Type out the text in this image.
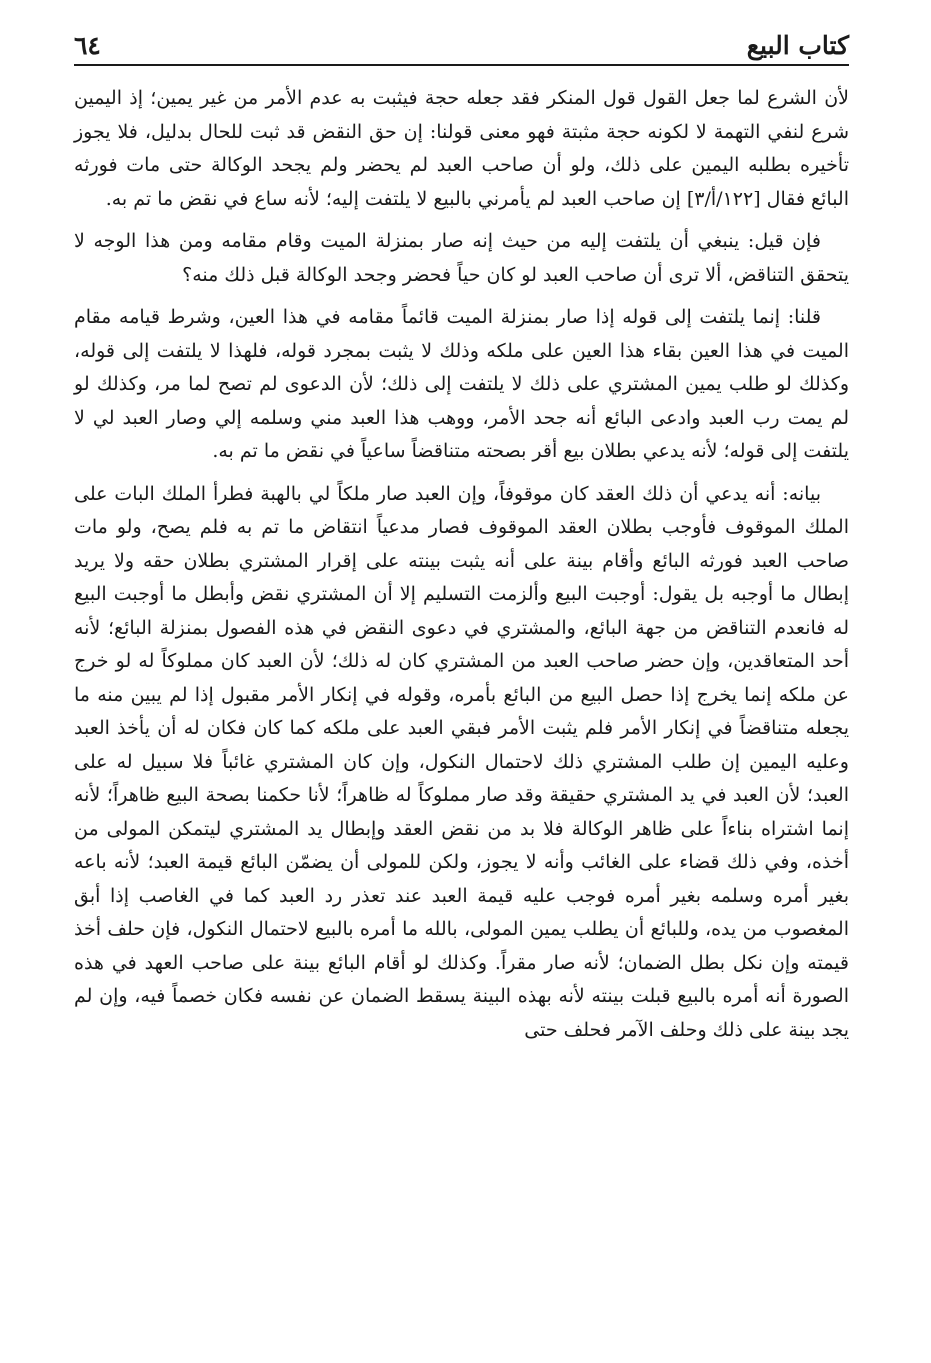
كتاب البيع
٦٤

لأن الشرع لما جعل القول قول المنكر فقد جعله حجة فيثبت به عدم الأمر من غير يمين؛ إذ اليمين شرع لنفي التهمة لا لكونه حجة مثبتة فهو معنى قولنا: إن حق النقض قد ثبت للحال بدليل، فلا يجوز تأخيره بطلبه اليمين على ذلك، ولو أن صاحب العبد لم يحضر ولم يجحد الوكالة حتى مات فورثه البائع فقال [١٢٢/أ/٣] إن صاحب العبد لم يأمرني بالبيع لا يلتفت إليه؛ لأنه ساع في نقض ما تم به.

فإن قيل: ينبغي أن يلتفت إليه من حيث إنه صار بمنزلة الميت وقام مقامه ومن هذا الوجه لا يتحقق التناقض، ألا ترى أن صاحب العبد لو كان حياً فحضر وجحد الوكالة قبل ذلك منه؟

قلنا: إنما يلتفت إلى قوله إذا صار بمنزلة الميت قائماً مقامه في هذا العين، وشرط قيامه مقام الميت في هذا العين بقاء هذا العين على ملكه وذلك لا يثبت بمجرد قوله، فلهذا لا يلتفت إلى قوله، وكذلك لو طلب يمين المشتري على ذلك لا يلتفت إلى ذلك؛ لأن الدعوى لم تصح لما مر، وكذلك لو لم يمت رب العبد وادعى البائع أنه جحد الأمر، ووهب هذا العبد مني وسلمه إلي وصار العبد لي لا يلتفت إلى قوله؛ لأنه يدعي بطلان بيع أقر بصحته متناقضاً ساعياً في نقض ما تم به.

بيانه: أنه يدعي أن ذلك العقد كان موقوفاً، وإن العبد صار ملكاً لي بالهبة فطرأ الملك البات على الملك الموقوف فأوجب بطلان العقد الموقوف فصار مدعياً انتقاض ما تم به فلم يصح، ولو مات صاحب العبد فورثه البائع وأقام بينة على أنه يثبت بينته على إقرار المشتري بطلان حقه ولا يريد إبطال ما أوجبه بل يقول: أوجبت البيع وألزمت التسليم إلا أن المشتري نقض وأبطل ما أوجبت البيع له فانعدم التناقض من جهة البائع، والمشتري في دعوى النقض في هذه الفصول بمنزلة البائع؛ لأنه أحد المتعاقدين، وإن حضر صاحب العبد من المشتري كان له ذلك؛ لأن العبد كان مملوكاً له لو خرج عن ملكه إنما يخرج إذا حصل البيع من البائع بأمره، وقوله في إنكار الأمر مقبول إذا لم يبين منه ما يجعله متناقضاً في إنكار الأمر فلم يثبت الأمر فبقي العبد على ملكه كما كان فكان له أن يأخذ العبد وعليه اليمين إن طلب المشتري ذلك لاحتمال النكول، وإن كان المشتري غائباً فلا سبيل له على العبد؛ لأن العبد في يد المشتري حقيقة وقد صار مملوكاً له ظاهراً؛ لأنا حكمنا بصحة البيع ظاهراً؛ لأنه إنما اشتراه بناءاً على ظاهر الوكالة فلا بد من نقض العقد وإبطال يد المشتري ليتمكن المولى من أخذه، وفي ذلك قضاء على الغائب وأنه لا يجوز، ولكن للمولى أن يضمّن البائع قيمة العبد؛ لأنه باعه بغير أمره وسلمه بغير أمره فوجب عليه قيمة العبد عند تعذر رد العبد كما في الغاصب إذا أبق المغصوب من يده، وللبائع أن يطلب يمين المولى، بالله ما أمره بالبيع لاحتمال النكول، فإن حلف أخذ قيمته وإن نكل بطل الضمان؛ لأنه صار مقراً. وكذلك لو أقام البائع بينة على صاحب العهد في هذه الصورة أنه أمره بالبيع قبلت بينته لأنه بهذه البينة يسقط الضمان عن نفسه فكان خصماً فيه، وإن لم يجد بينة على ذلك وحلف الآمر فحلف حتى
